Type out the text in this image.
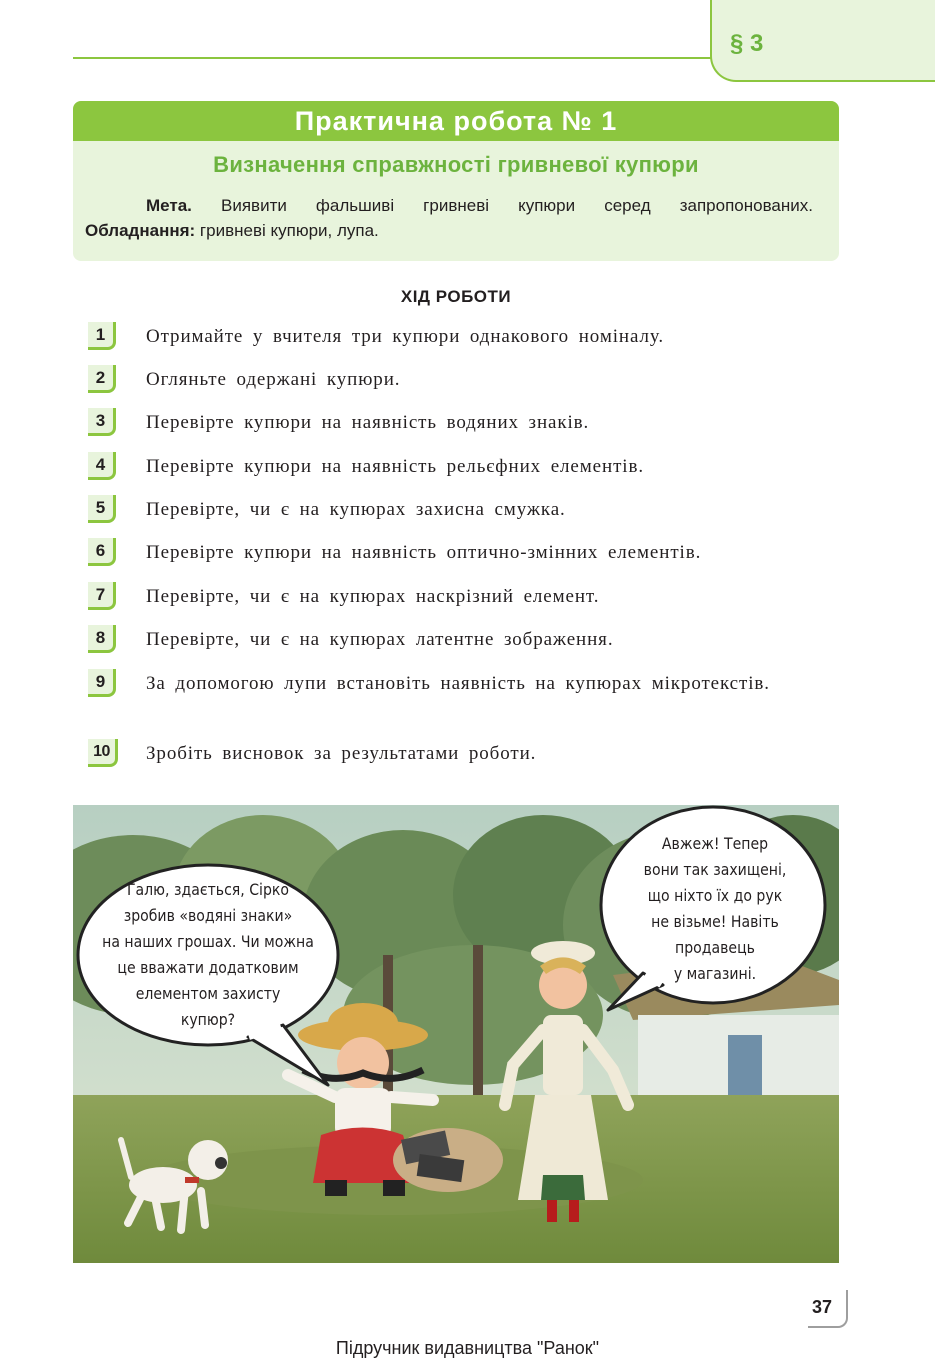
§ 3
Практична робота № 1
Визначення справжності гривневої купюри
Мета. Виявити фальшиві гривневі купюри серед запропонованих.
Обладнання: гривневі купюри, лупа.
ХІД РОБОТИ
1	Отримайте у вчителя три купюри однакового номіналу.
2	Огляньте одержані купюри.
3	Перевірте купюри на наявність водяних знаків.
4	Перевірте купюри на наявність рельєфних елементів.
5	Перевірте, чи є на купюрах захисна смужка.
6	Перевірте купюри на наявність оптично-змінних елементів.
7	Перевірте, чи є на купюрах наскрізний елемент.
8	Перевірте, чи є на купюрах латентне зображення.
9	За допомогою лупи встановіть наявність на купюрах мікротекстів.
10	Зробіть висновок за результатами роботи.
Галю, здається, Сірко
зробив «водяні знаки»
на наших грошах. Чи можна
це вважати додатковим
елементом захисту
купюр?
Авжеж! Тепер
вони так захищені,
що ніхто їх до рук
не візьме! Навіть
продавець
у магазині.
37
Підручник видавництва "Ранок"
